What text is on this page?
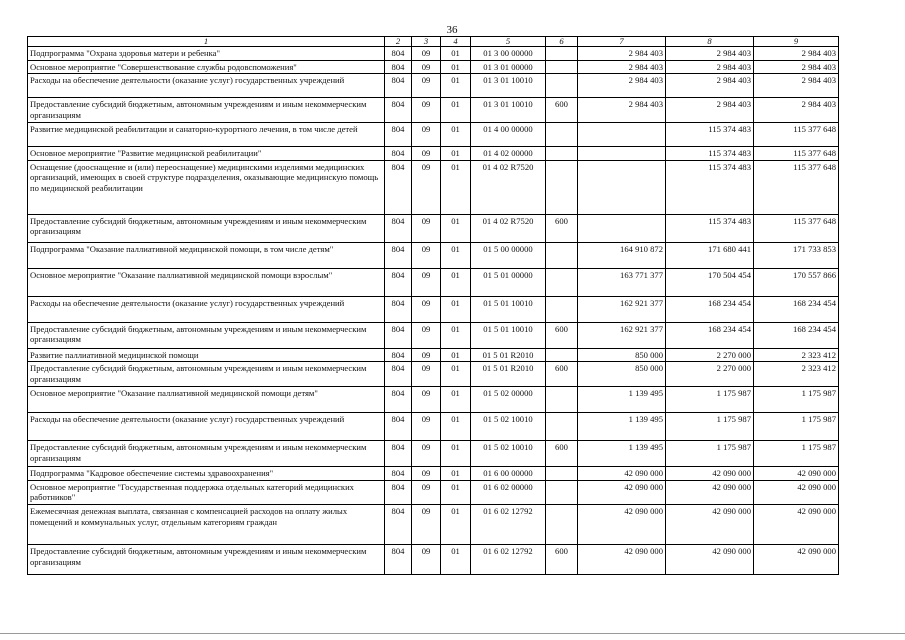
36
1	2	3	4	5	6	7	8	9
Подпрограмма "Охрана здоровья матери и ребенка"	804	09	01	01 3 00 00000		2 984 403	2 984 403	2 984 403
Основное мероприятие "Совершенствование службы родовспоможения"	804	09	01	01 3 01 00000		2 984 403	2 984 403	2 984 403
Расходы на обеспечение деятельности (оказание услуг) государственных учреждений	804	09	01	01 3 01 10010		2 984 403	2 984 403	2 984 403
Предоставление субсидий бюджетным, автономным учреждениям и иным некоммерческим организациям	804	09	01	01 3 01 10010	600	2 984 403	2 984 403	2 984 403
Развитие медицинской реабилитации и санаторно-курортного лечения, в том числе детей	804	09	01	01 4 00 00000			115 374 483	115 377 648
Основное мероприятие "Развитие медицинской реабилитации"	804	09	01	01 4 02 00000			115 374 483	115 377 648
Оснащение (дооснащение и (или) переоснащение) медицинскими изделиями медицинских организаций, имеющих в своей структуре подразделения, оказывающие медицинскую помощь по медицинской реабилитации	804	09	01	01 4 02 R7520			115 374 483	115 377 648
Предоставление субсидий бюджетным, автономным учреждениям и иным некоммерческим организациям	804	09	01	01 4 02 R7520	600		115 374 483	115 377 648
Подпрограмма "Оказание паллиативной медицинской помощи, в том числе детям"	804	09	01	01 5 00 00000		164 910 872	171 680 441	171 733 853
Основное мероприятие "Оказание паллиативной медицинской помощи взрослым"	804	09	01	01 5 01 00000		163 771 377	170 504 454	170 557 866
Расходы на обеспечение деятельности (оказание услуг) государственных учреждений	804	09	01	01 5 01 10010		162 921 377	168 234 454	168 234 454
Предоставление субсидий бюджетным, автономным учреждениям и иным некоммерческим организациям	804	09	01	01 5 01 10010	600	162 921 377	168 234 454	168 234 454
Развитие паллиативной медицинской помощи	804	09	01	01 5 01 R2010		850 000	2 270 000	2 323 412
Предоставление субсидий бюджетным, автономным учреждениям и иным некоммерческим организациям	804	09	01	01 5 01 R2010	600	850 000	2 270 000	2 323 412
Основное мероприятие "Оказание паллиативной медицинской помощи детям"	804	09	01	01 5 02 00000		1 139 495	1 175 987	1 175 987
Расходы на обеспечение деятельности (оказание услуг) государственных учреждений	804	09	01	01 5 02 10010		1 139 495	1 175 987	1 175 987
Предоставление субсидий бюджетным, автономным учреждениям и иным некоммерческим организациям	804	09	01	01 5 02 10010	600	1 139 495	1 175 987	1 175 987
Подпрограмма "Кадровое обеспечение системы здравоохранения"	804	09	01	01 6 00 00000		42 090 000	42 090 000	42 090 000
Основное мероприятие "Государственная поддержка отдельных категорий медицинских работников"	804	09	01	01 6 02 00000		42 090 000	42 090 000	42 090 000
Ежемесячная денежная выплата, связанная с компенсацией расходов на оплату жилых помещений и коммунальных услуг, отдельным категориям граждан	804	09	01	01 6 02 12792		42 090 000	42 090 000	42 090 000
Предоставление субсидий бюджетным, автономным учреждениям и иным некоммерческим организациям	804	09	01	01 6 02 12792	600	42 090 000	42 090 000	42 090 000
